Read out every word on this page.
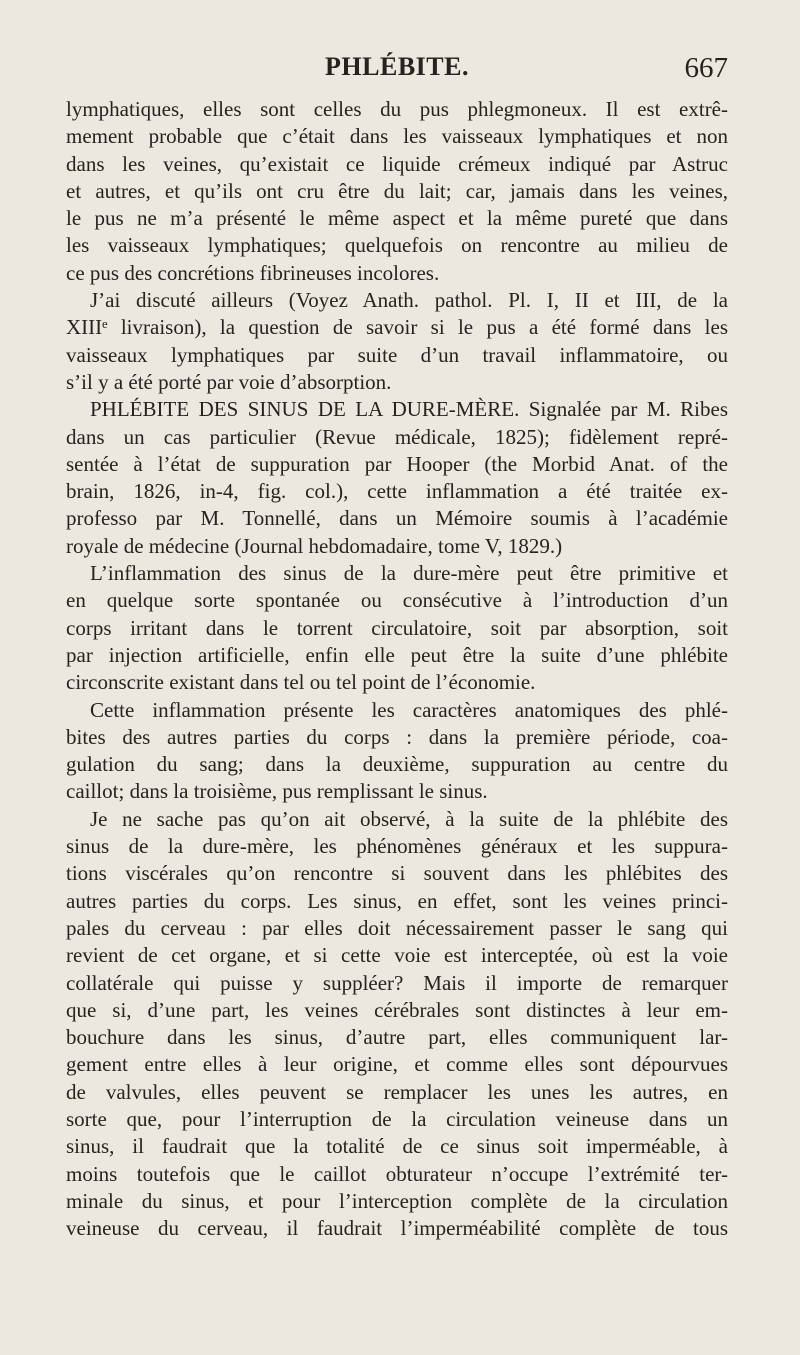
PHLÉBITE.	667
lymphatiques, elles sont celles du pus phlegmoneux. Il est extrê-
mement probable que c’était dans les vaisseaux lymphatiques et non
dans les veines, qu’existait ce liquide crémeux indiqué par Astruc
et autres, et qu’ils ont cru être du lait; car, jamais dans les veines,
le pus ne m’a présenté le même aspect et la même pureté que dans
les vaisseaux lymphatiques; quelquefois on rencontre au milieu de
ce pus des concrétions fibrineuses incolores.
J’ai discuté ailleurs (Voyez Anath. pathol. Pl. I, II et III, de la
XIIIᵉ livraison), la question de savoir si le pus a été formé dans les
vaisseaux lymphatiques par suite d’un travail inflammatoire, ou
s’il y a été porté par voie d’absorption.
PHLÉBITE DES SINUS DE LA DURE-MÈRE. Signalée par M. Ribes
dans un cas particulier (Revue médicale, 1825); fidèlement repré-
sentée à l’état de suppuration par Hooper (the Morbid Anat. of the
brain, 1826, in-4, fig. col.), cette inflammation a été traitée ex-
professo par M. Tonnellé, dans un Mémoire soumis à l’académie
royale de médecine (Journal hebdomadaire, tome V, 1829.)
L’inflammation des sinus de la dure-mère peut être primitive et
en quelque sorte spontanée ou consécutive à l’introduction d’un
corps irritant dans le torrent circulatoire, soit par absorption, soit
par injection artificielle, enfin elle peut être la suite d’une phlébite
circonscrite existant dans tel ou tel point de l’économie.
Cette inflammation présente les caractères anatomiques des phlé-
bites des autres parties du corps : dans la première période, coa-
gulation du sang; dans la deuxième, suppuration au centre du
caillot; dans la troisième, pus remplissant le sinus.
Je ne sache pas qu’on ait observé, à la suite de la phlébite des
sinus de la dure-mère, les phénomènes généraux et les suppura-
tions viscérales qu’on rencontre si souvent dans les phlébites des
autres parties du corps. Les sinus, en effet, sont les veines princi-
pales du cerveau : par elles doit nécessairement passer le sang qui
revient de cet organe, et si cette voie est interceptée, où est la voie
collatérale qui puisse y suppléer? Mais il importe de remarquer
que si, d’une part, les veines cérébrales sont distinctes à leur em-
bouchure dans les sinus, d’autre part, elles communiquent lar-
gement entre elles à leur origine, et comme elles sont dépourvues
de valvules, elles peuvent se remplacer les unes les autres, en
sorte que, pour l’interruption de la circulation veineuse dans un
sinus, il faudrait que la totalité de ce sinus soit imperméable, à
moins toutefois que le caillot obturateur n’occupe l’extrémité ter-
minale du sinus, et pour l’interception complète de la circulation
veineuse du cerveau, il faudrait l’imperméabilité complète de tous
